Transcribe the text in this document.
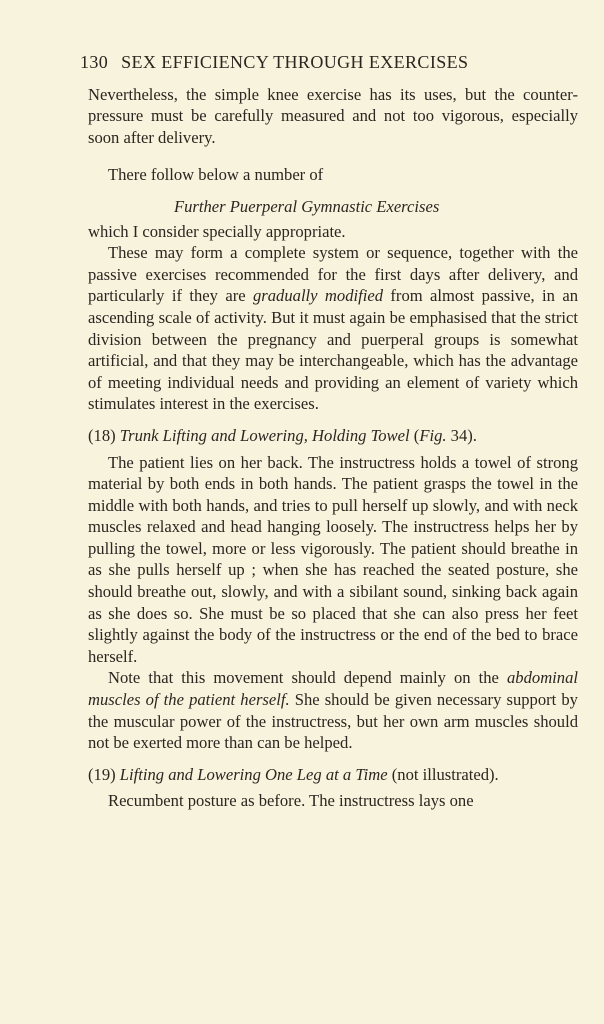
130 SEX EFFICIENCY THROUGH EXERCISES

Nevertheless, the simple knee exercise has its uses, but the counter-pressure must be carefully measured and not too vigorous, especially soon after delivery.

There follow below a number of

Further Puerperal Gymnastic Exercises

which I consider specially appropriate.

These may form a complete system or sequence, together with the passive exercises recommended for the first days after delivery, and particularly if they are gradually modified from almost passive, in an ascending scale of activity. But it must again be emphasised that the strict division between the pregnancy and puerperal groups is somewhat artificial, and that they may be interchangeable, which has the advantage of meeting individual needs and providing an element of variety which stimulates interest in the exercises.

(18) Trunk Lifting and Lowering, Holding Towel (Fig. 34).

The patient lies on her back. The instructress holds a towel of strong material by both ends in both hands. The patient grasps the towel in the middle with both hands, and tries to pull herself up slowly, and with neck muscles relaxed and head hanging loosely. The instructress helps her by pulling the towel, more or less vigorously. The patient should breathe in as she pulls herself up ; when she has reached the seated posture, she should breathe out, slowly, and with a sibilant sound, sinking back again as she does so. She must be so placed that she can also press her feet slightly against the body of the instructress or the end of the bed to brace herself.

Note that this movement should depend mainly on the abdominal muscles of the patient herself. She should be given necessary support by the muscular power of the instructress, but her own arm muscles should not be exerted more than can be helped.

(19) Lifting and Lowering One Leg at a Time (not illustrated).

Recumbent posture as before. The instructress lays one
